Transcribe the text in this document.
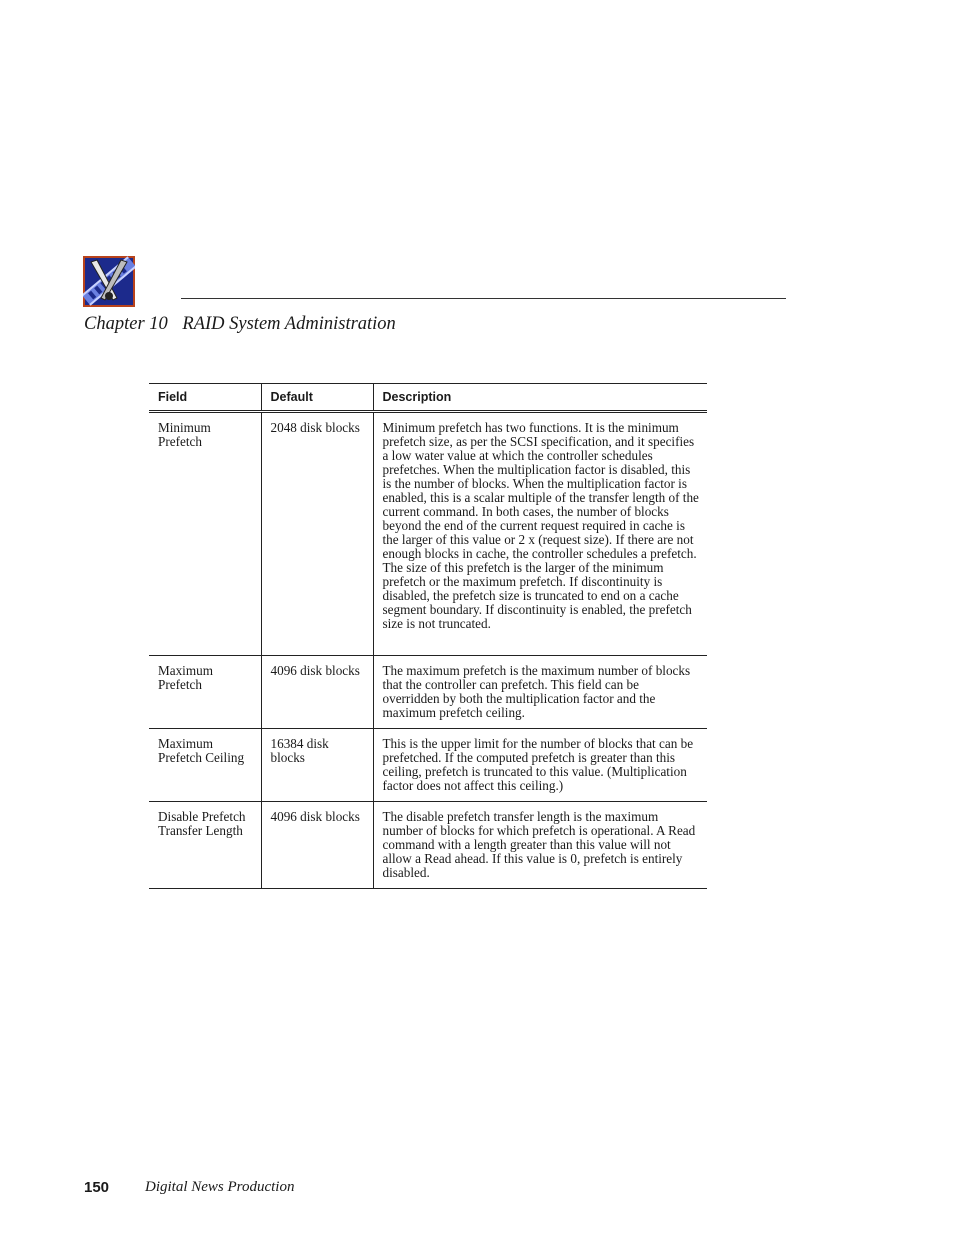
Chapter 10 RAID System Administration
Field	Default	Description
Minimum Prefetch	2048 disk blocks	Minimum prefetch has two functions. It is the minimum prefetch size, as per the SCSI specification, and it specifies a low water value at which the controller schedules prefetches. When the multiplication factor is disabled, this is the number of blocks. When the multiplication factor is enabled, this is a scalar multiple of the transfer length of the current command. In both cases, the number of blocks beyond the end of the current request required in cache is the larger of this value or 2 x (request size). If there are not enough blocks in cache, the controller schedules a prefetch. The size of this prefetch is the larger of the minimum prefetch or the maximum prefetch. If discontinuity is disabled, the prefetch size is truncated to end on a cache segment boundary. If discontinuity is enabled, the prefetch size is not truncated.
Maximum Prefetch	4096 disk blocks	The maximum prefetch is the maximum number of blocks that the controller can prefetch. This field can be overridden by both the multiplication factor and the maximum prefetch ceiling.
Maximum Prefetch Ceiling	16384 disk blocks	This is the upper limit for the number of blocks that can be prefetched. If the computed prefetch is greater than this ceiling, prefetch is truncated to this value. (Multiplication factor does not affect this ceiling.)
Disable Prefetch Transfer Length	4096 disk blocks	The disable prefetch transfer length is the maximum number of blocks for which prefetch is operational. A Read command with a length greater than this value will not allow a Read ahead. If this value is 0, prefetch is entirely disabled.
150 Digital News Production
